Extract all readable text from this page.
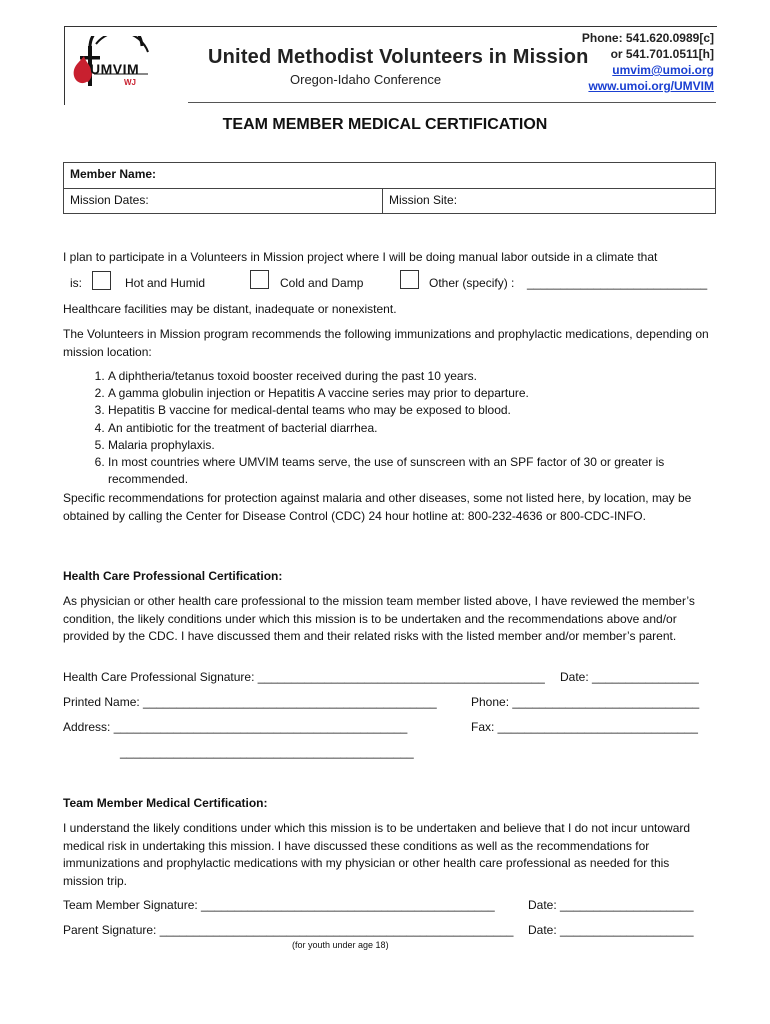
UMVIM
WJ
United Methodist Volunteers in Mission
Oregon-Idaho Conference
Phone: 541.620.0989[c]
or 541.701.0511[h]
umvim@umoi.org
www.umoi.org/UMVIM
TEAM MEMBER MEDICAL CERTIFICATION
Member Name:
Mission Dates:	Mission Site:
I plan to participate in a Volunteers in Mission project where I will be doing manual labor outside in a climate that
is:	Hot and Humid	Cold and Damp	Other (specify) : ___________________________

Healthcare facilities may be distant, inadequate or nonexistent.

The Volunteers in Mission program recommends the following immunizations and prophylactic medications, depending on mission location:

1. A diphtheria/tetanus toxoid booster received during the past 10 years.
2. A gamma globulin injection or Hepatitis A vaccine series may prior to departure.
3. Hepatitis B vaccine for medical-dental teams who may be exposed to blood.
4. An antibiotic for the treatment of bacterial diarrhea.
5. Malaria prophylaxis.
6. In most countries where UMVIM teams serve, the use of sunscreen with an SPF factor of 30 or greater is recommended.

Specific recommendations for protection against malaria and other diseases, some not listed here, by location, may be obtained by calling the Center for Disease Control (CDC) 24 hour hotline at: 800-232-4636 or 800-CDC-INFO.

Health Care Professional Certification:

As physician or other health care professional to the mission team member listed above, I have reviewed the member’s condition, the likely conditions under which this mission is to be undertaken and the recommendations above and/or provided by the CDC. I have discussed them and their related risks with the listed member and/or member’s parent.

Health Care Professional Signature: ___________________________________________ Date: ________________
Printed Name: ____________________________________________	Phone: ____________________________
Address: ____________________________________________	Fax: ______________________________
____________________________________________
Team Member Medical Certification:

I understand the likely conditions under which this mission is to be undertaken and believe that I do not incur untoward medical risk in undertaking this mission. I have discussed these conditions as well as the recommendations for immunizations and prophylactic medications with my physician or other health care professional as needed for this mission trip.

Team Member Signature: ____________________________________________	Date: ____________________
Parent Signature: _____________________________________________________ Date: ____________________
(for youth under age 18)
